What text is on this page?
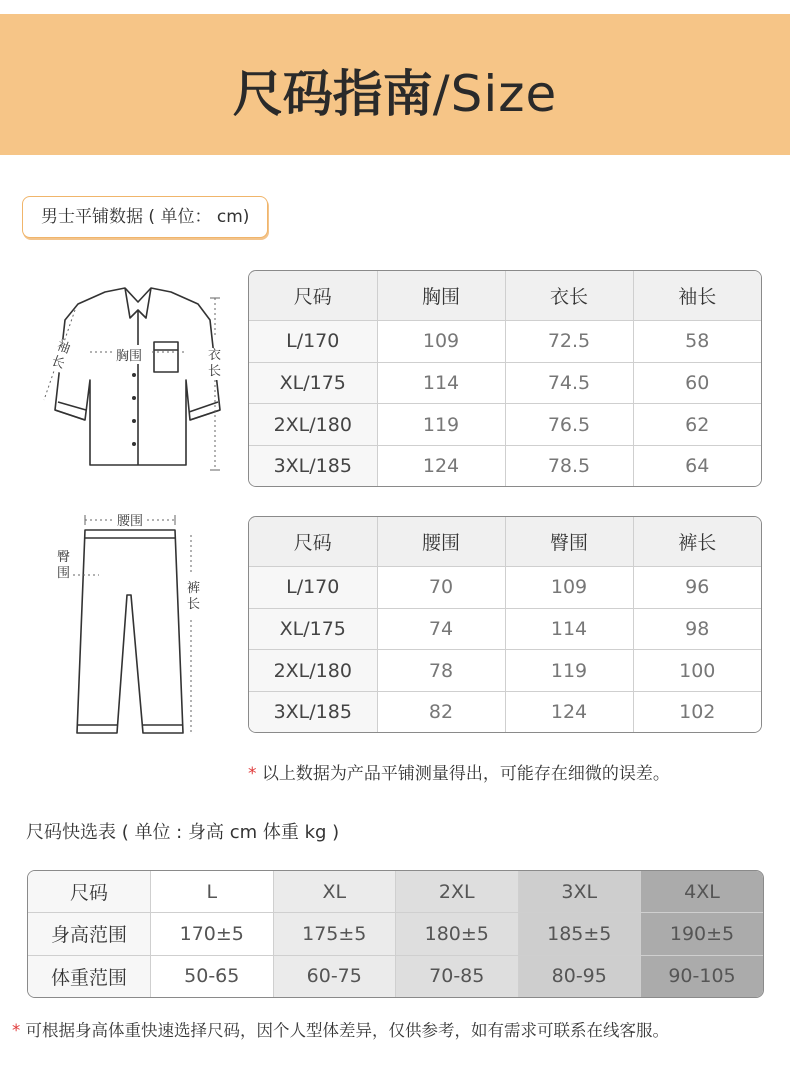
尺码指南/Size
男士平铺数据 ( 单位： cm)
胸围	衣
长
袖
长
腰围
臀
围
裤
长
尺码	胸围	衣长	袖长
L/170	109	72.5	58
XL/175	114	74.5	60
2XL/180	119	76.5	62
3XL/185	124	78.5	64
尺码	腰围	臀围	裤长
L/170	70	109	96
XL/175	74	114	98
2XL/180	78	119	100
3XL/185	82	124	102
* 以上数据为产品平铺测量得出，可能存在细微的误差。
尺码快选表 ( 单位 : 身高 cm 体重 kg )
尺码	L	XL	2XL	3XL	4XL
身高范围	170±5	175±5	180±5	185±5	190±5
体重范围	50-65	60-75	70-85	80-95	90-105
* 可根据身高体重快速选择尺码，因个人型体差异，仅供参考，如有需求可联系在线客服。
